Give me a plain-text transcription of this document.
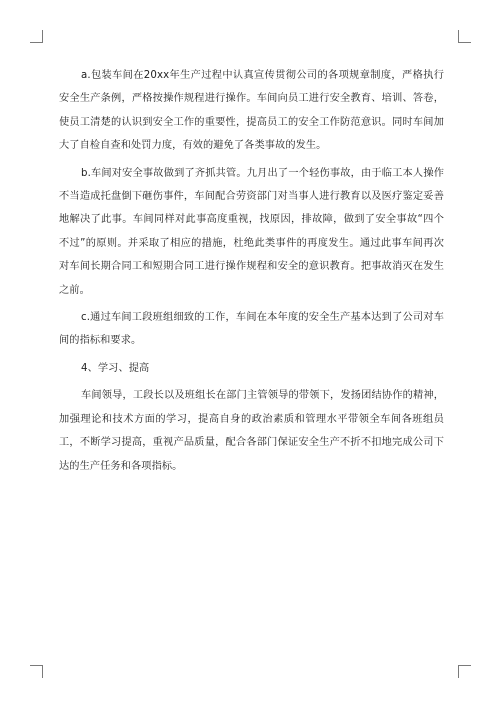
a.包装车间在20xx年生产过程中认真宣传贯彻公司的各项规章制度，严格执行安全生产条例，严格按操作规程进行操作。车间向员工进行安全教育、培训、答卷，使员工清楚的认识到安全工作的重要性，提高员工的安全工作防范意识。同时车间加大了自检自查和处罚力度，有效的避免了各类事故的发生。

b.车间对安全事故做到了齐抓共管。九月出了一个轻伤事故，由于临工本人操作不当造成托盘倒下砸伤事件，车间配合劳资部门对当事人进行教育以及医疗鉴定妥善地解决了此事。车间同样对此事高度重视，找原因，排故障，做到了安全事故“四个不过”的原则。并采取了相应的措施，杜绝此类事件的再度发生。通过此事车间再次对车间长期合同工和短期合同工进行操作规程和安全的意识教育。把事故消灭在发生之前。

c.通过车间工段班组细致的工作，车间在本年度的安全生产基本达到了公司对车间的指标和要求。

4、学习、提高

车间领导，工段长以及班组长在部门主管领导的带领下，发扬团结协作的精神，加强理论和技术方面的学习，提高自身的政治素质和管理水平带领全车间各班组员工，不断学习提高，重视产品质量，配合各部门保证安全生产不折不扣地完成公司下达的生产任务和各项指标。
